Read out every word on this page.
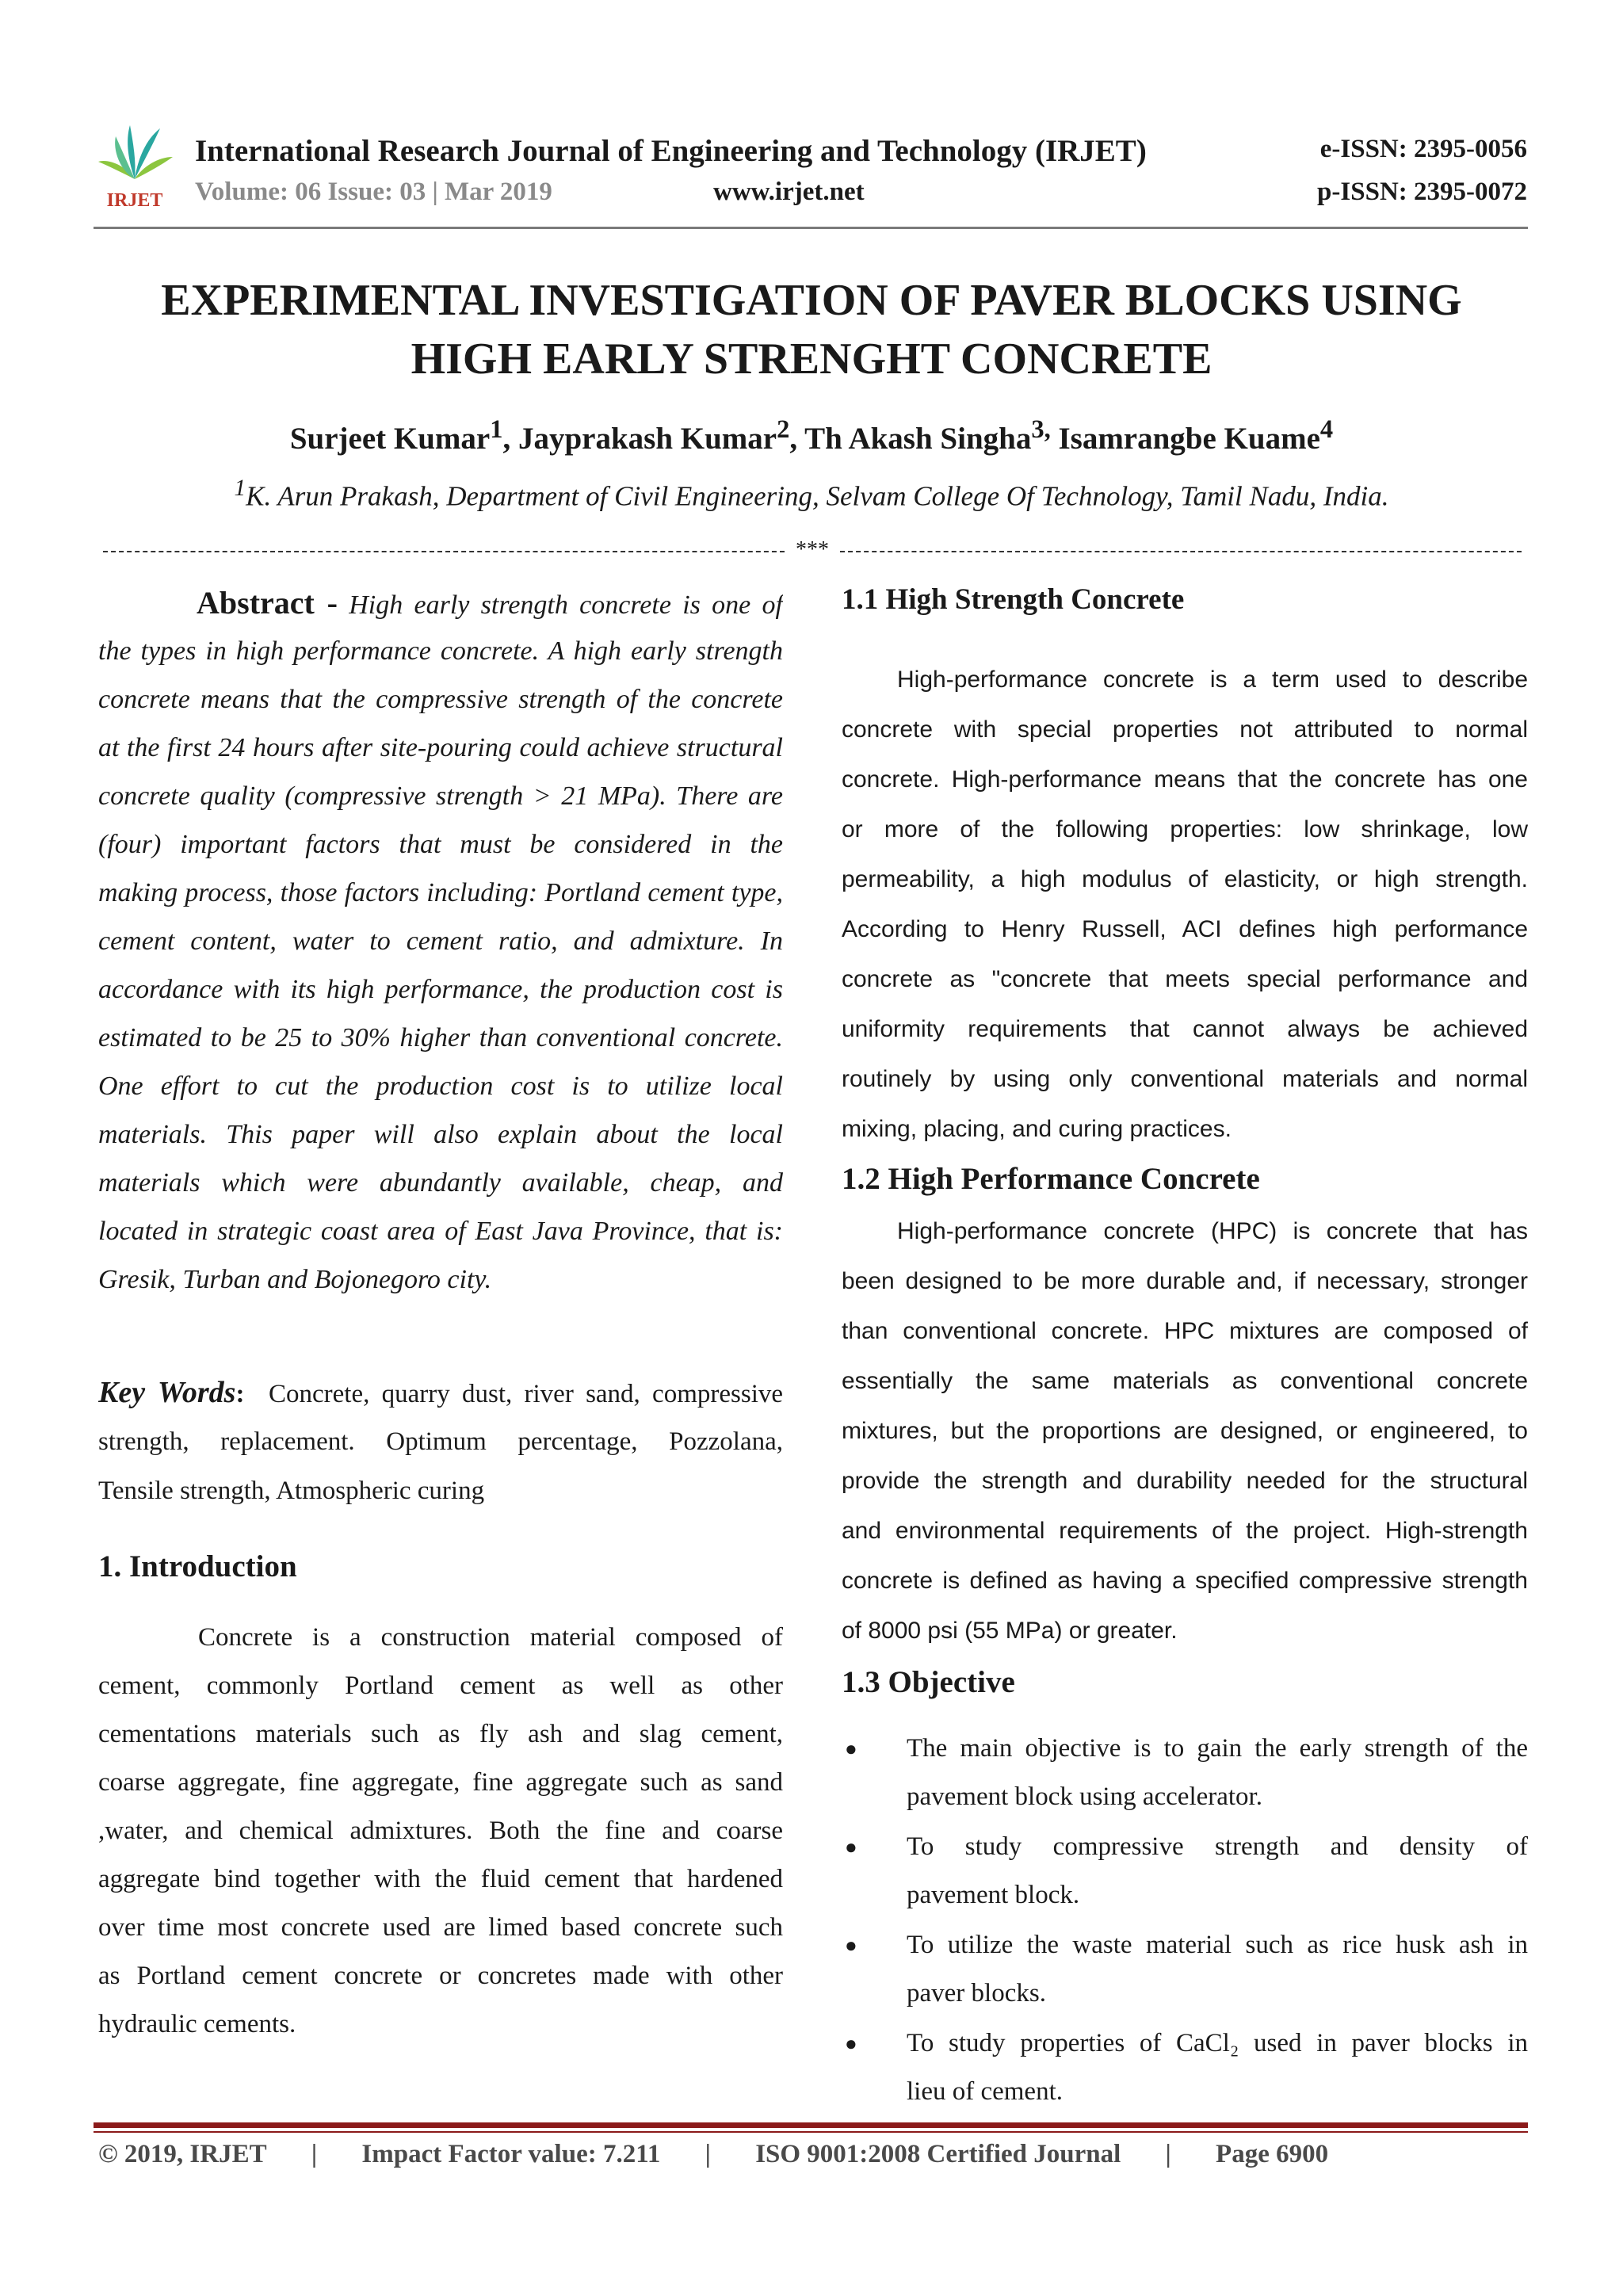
IRJET
International Research Journal of Engineering and Technology (IRJET)
Volume: 06 Issue: 03 | Mar 2019	www.irjet.net
e-ISSN: 2395-0056
p-ISSN: 2395-0072
EXPERIMENTAL INVESTIGATION OF PAVER BLOCKS USING
HIGH EARLY STRENGHT CONCRETE
Surjeet Kumar$^1$, Jayprakash Kumar$^2$, Th Akash Singha$^{3,}$ Isamrangbe Kuame$^4$
$^1$K. Arun Prakash, Department of Civil Engineering, Selvam College Of Technology, Tamil Nadu, India.
***
Abstract - High early strength concrete is one of
the types in high performance concrete. A high early strength
concrete means that the compressive strength of the concrete
at the first 24 hours after site-pouring could achieve structural
concrete quality (compressive strength > 21 MPa). There are
(four) important factors that must be considered in the
making process, those factors including: Portland cement type,
cement content, water to cement ratio, and admixture. In
accordance with its high performance, the production cost is
estimated to be 25 to 30% higher than conventional concrete.
One effort to cut the production cost is to utilize local
materials. This paper will also explain about the local
materials which were abundantly available, cheap, and
located in strategic coast area of East Java Province, that is:
Gresik, Turban and Bojonegoro city.
Key Words: Concrete, quarry dust, river sand, compressive
strength, replacement. Optimum percentage, Pozzolana,
Tensile strength, Atmospheric curing
1. Introduction
Concrete is a construction material composed of
cement, commonly Portland cement as well as other
cementations materials such as fly ash and slag cement,
coarse aggregate, fine aggregate, fine aggregate such as sand
,water, and chemical admixtures. Both the fine and coarse
aggregate bind together with the fluid cement that hardened
over time most concrete used are limed based concrete such
as Portland cement concrete or concretes made with other
hydraulic cements.
1.1 High Strength Concrete
High-performance concrete is a term used to describe
concrete with special properties not attributed to normal
concrete. High-performance means that the concrete has one
or more of the following properties: low shrinkage, low
permeability, a high modulus of elasticity, or high strength.
According to Henry Russell, ACI defines high performance
concrete as "concrete that meets special performance and
uniformity requirements that cannot always be achieved
routinely by using only conventional materials and normal
mixing, placing, and curing practices.
1.2 High Performance Concrete
High-performance concrete (HPC) is concrete that has
been designed to be more durable and, if necessary, stronger
than conventional concrete. HPC mixtures are composed of
essentially the same materials as conventional concrete
mixtures, but the proportions are designed, or engineered, to
provide the strength and durability needed for the structural
and environmental requirements of the project. High-strength
concrete is defined as having a specified compressive strength
of 8000 psi (55 MPa) or greater.
1.3 Objective
● The main objective is to gain the early strength of the
pavement block using accelerator.
● To study compressive strength and density of
pavement block.
● To utilize the waste material such as rice husk ash in
paver blocks.
● To study properties of CaCl₂ used in paver blocks in
lieu of cement.
© 2019, IRJET | Impact Factor value: 7.211 | ISO 9001:2008 Certified Journal | Page 6900
